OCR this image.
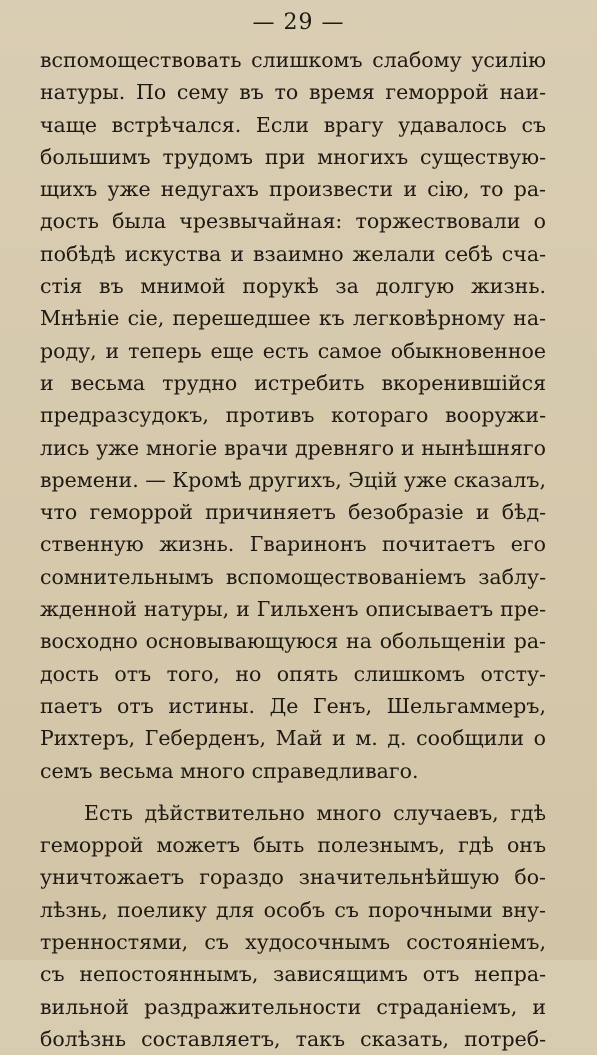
— 29 —
вспомоществовать слишкомъ слабому усилію
натуры. По сему въ то время геморрой наи-
чаще встрѣчался. Если врагу удавалось съ
большимъ трудомъ при многихъ существую-
щихъ уже недугахъ произвести и сію, то ра-
дость была чрезвычайная: торжествовали о
побѣдѣ искуства и взаимно желали себѣ сча-
стія въ мнимой порукѣ за долгую жизнь.
Мнѣніе сіе, перешедшее къ легковѣрному на-
роду, и теперь еще есть самое обыкновенное
и весьма трудно истребить вкоренившійся
предразсудокъ, противъ котораго вооружи-
лись уже многіе врачи древняго и нынѣшняго
времени. — Кромѣ другихъ, Эцій уже сказалъ,
что геморрой причиняетъ безобразіе и бѣд-
ственную жизнь. Гваринонъ почитаетъ его
сомнительнымъ вспомоществованіемъ заблу-
жденной натуры, и Гильхенъ описываетъ пре-
восходно основывающуюся на обольщеніи ра-
дость отъ того, но опять слишкомъ отсту-
паетъ отъ истины. Де Генъ, Шельгаммеръ,
Рихтеръ, Геберденъ, Май и м. д. сообщили о
семъ весьма много справедливаго.
Есть дѣйствительно много случаевъ, гдѣ
геморрой можетъ быть полезнымъ, гдѣ онъ
уничтожаетъ гораздо значительнѣйшую бо-
лѣзнь, поелику для особъ съ порочными вну-
тренностями, съ худосочнымъ состояніемъ,
съ непостояннымъ, зависящимъ отъ непра-
вильной раздражительности страданіемъ, и
болѣзнь составляетъ, такъ сказать, потреб-
